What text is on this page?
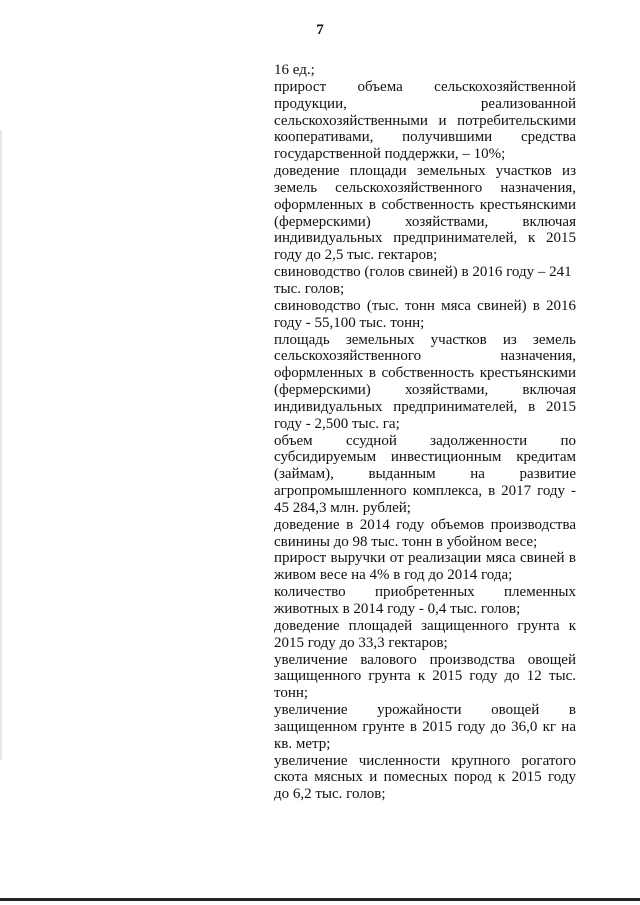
7

16 ед.;

прирост объема сельскохозяйственной продукции, реализованной сельскохозяйственными и потребительскими кооперативами, получившими средства государственной поддержки, – 10%;

доведение площади земельных участков из земель сельскохозяйственного назначения, оформленных в собственность крестьянскими (фермерскими) хозяйствами, включая индивидуальных предпринимателей, к 2015 году до 2,5 тыс. гектаров;

свиноводство (голов свиней) в 2016 году – 241 тыс. голов;

свиноводство (тыс. тонн мяса свиней) в 2016 году - 55,100 тыс. тонн;

площадь земельных участков из земель сельскохозяйственного назначения, оформленных в собственность крестьянскими (фермерскими) хозяйствами, включая индивидуальных предпринимателей, в 2015 году - 2,500 тыс. га;

объем ссудной задолженности по субсидируемым инвестиционным кредитам (займам), выданным на развитие агропромышленного комплекса, в 2017 году - 45 284,3 млн. рублей;

доведение в 2014 году объемов производства свинины до 98 тыс. тонн в убойном весе;

прирост выручки от реализации мяса свиней в живом весе на 4% в год до 2014 года;

количество приобретенных племенных животных в 2014 году - 0,4 тыс. голов;

доведение площадей защищенного грунта к 2015 году до 33,3 гектаров;

увеличение валового производства овощей защищенного грунта к 2015 году до 12 тыс. тонн;

увеличение урожайности овощей в защищенном грунте в 2015 году до 36,0 кг на кв. метр;

увеличение численности крупного рогатого скота мясных и помесных пород к 2015 году до 6,2 тыс. голов;
